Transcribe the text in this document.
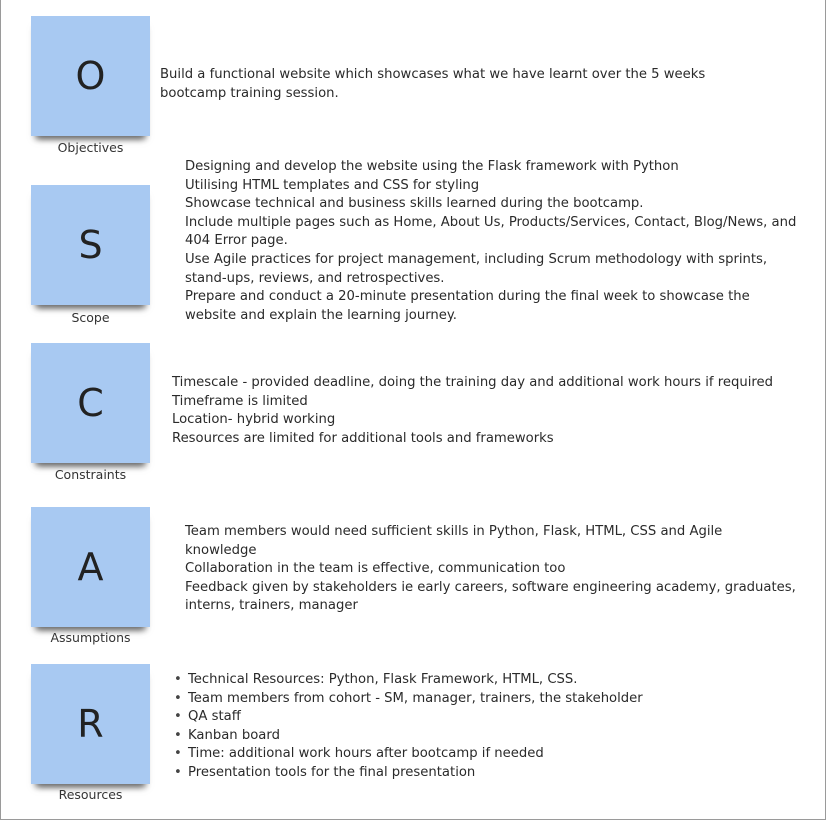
O
Objectives
Build a functional website which showcases what we have learnt over the 5 weeks
bootcamp training session.
S
Scope
Designing and develop the website using the Flask framework with Python
Utilising HTML templates and CSS for styling
Showcase technical and business skills learned during the bootcamp.
Include multiple pages such as Home, About Us, Products/Services, Contact, Blog/News, and
404 Error page.
Use Agile practices for project management, including Scrum methodology with sprints,
stand-ups, reviews, and retrospectives.
Prepare and conduct a 20-minute presentation during the final week to showcase the
website and explain the learning journey.
C
Constraints
Timescale - provided deadline, doing the training day and additional work hours if required
Timeframe is limited
Location- hybrid working
Resources are limited for additional tools and frameworks
A
Assumptions
Team members would need sufficient skills in Python, Flask, HTML, CSS and Agile
knowledge
Collaboration in the team is effective, communication too
Feedback given by stakeholders ie early careers, software engineering academy, graduates,
interns, trainers, manager
R
Resources
• Technical Resources: Python, Flask Framework, HTML, CSS.
• Team members from cohort - SM, manager, trainers, the stakeholder
• QA staff
• Kanban board
• Time: additional work hours after bootcamp if needed
• Presentation tools for the final presentation
